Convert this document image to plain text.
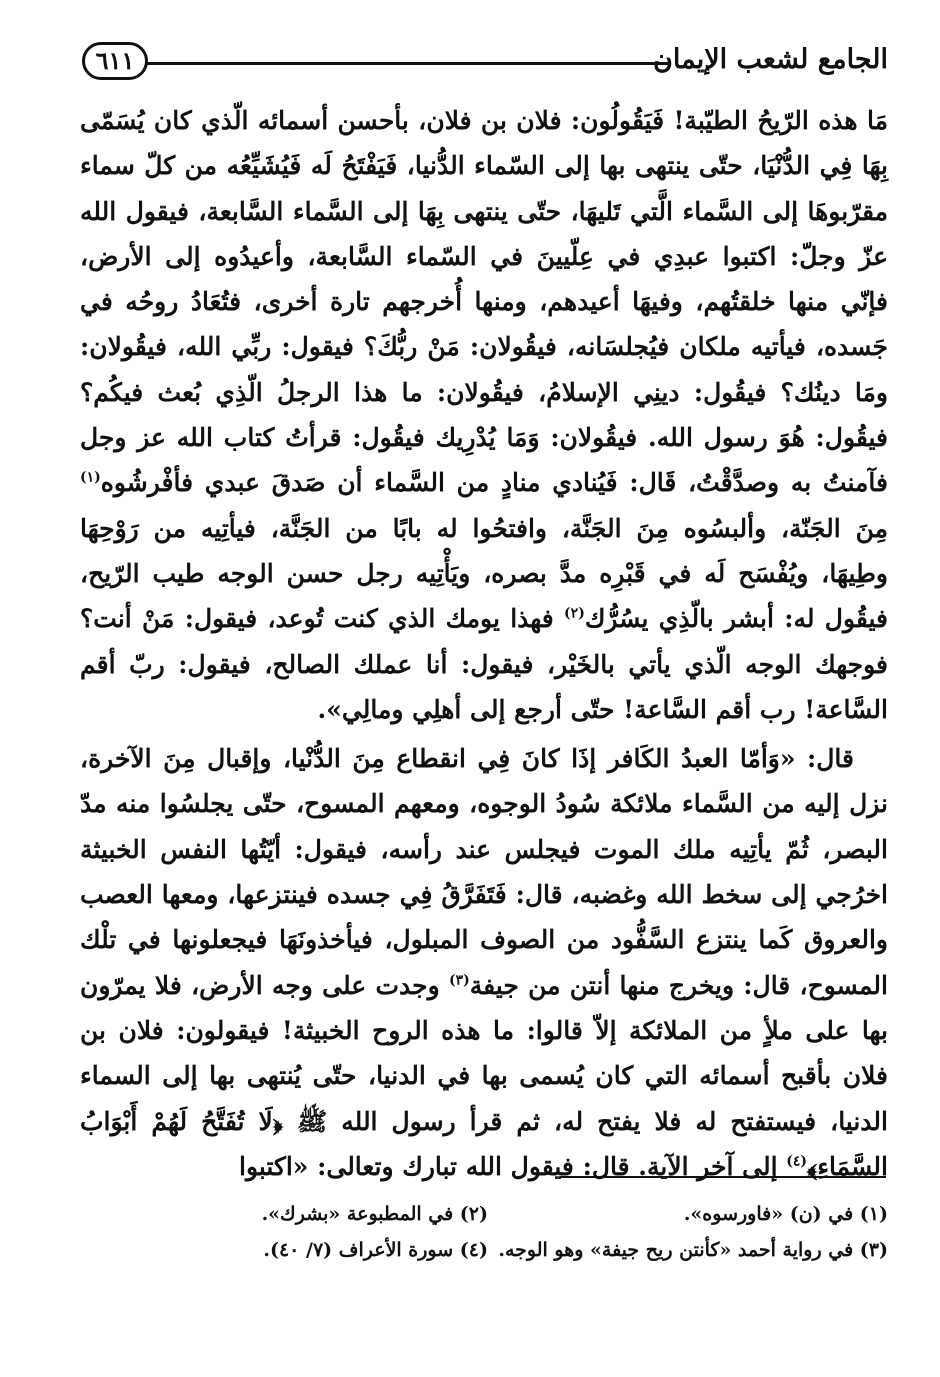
الجامع لشعب الإيمان
٦١١

مَا هذه الرّيحُ الطيّبة! فَيَقُولُون: فلان بن فلان، بأحسن أسمائه الّذي كان يُسَمّى بِهَا فِي الدُّنْيَا، حتّى ينتهى بها إلى السّماء الدُّنيا، فَيَفْتَحُ لَه فَيُشَيِّعُه من كلّ سماء مقرّبوهَا إلى السَّماء الَّتي تَليهَا، حتّى ينتهى بِهَا إلى السَّماء السَّابعة، فيقول الله عزّ وجلّ: اكتبوا عبدِي في عِلّيينَ في السّماء السَّابعة، وأعيدُوه إلى الأرض، فإنّي منها خلقتُهم، وفيهَا أعيدهم، ومنها أُخرجهم تارة أخرى، فتُعَادُ روحُه في جَسده، فيأتيه ملكان فيُجلسَانه، فيقُولان: مَنْ ربُّكَ؟ فيقول: ربِّي الله، فيقُولان: ومَا دينُك؟ فيقُول: دينِي الإسلامُ، فيقُولان: ما هذا الرجلُ الّذِي بُعث فيكُم؟ فيقُول: هُوَ رسول الله. فيقُولان: وَمَا يُدْرِيك فيقُول: قرأتُ كتاب الله عز وجل فآمنتُ به وصدَّقْتُ، قَال: فَيُنادي منادٍ من السَّماء أن صَدقَ عبدي فأفْرشُوه$^{(١)}$ مِنَ الجَنّة، وألبسُوه مِنَ الجَنَّة، وافتحُوا له بابًا من الجَنَّة، فيأتِيه من رَوْحِهَا وطِيهَا، ويُفْسَح لَه في قَبْرِه مدَّ بصره، ويَأْتِيه رجل حسن الوجه طيب الرّيح، فيقُول له: أبشر بالّذِي يسُرُّك$^{(٢)}$ فهذا يومك الذي كنت تُوعد، فيقول: مَنْ أنت؟ فوجهك الوجه الّذي يأتي بالخَيْر، فيقول: أنا عملك الصالح، فيقول: ربّ أقم السَّاعة! رب أقم السَّاعة! حتّى أرجع إلى أهلِي ومالِي».

قال: «وَأمّا العبدُ الكَافر إذَا كانَ فِي انقطاع مِنَ الدُّنْيا، وإقبال مِنَ الآخرة، نزل إليه من السَّماء ملائكة سُودُ الوجوه، ومعهم المسوح، حتّى يجلسُوا منه مدّ البصر، ثُمّ يأتِيه ملك الموت فيجلس عند رأسه، فيقول: أيّتُها النفس الخبيثة اخرُجي إلى سخط الله وغضبه، قال: فَتَفَرَّقُ فِي جسده فينتزعها، ومعها العصب والعروق كَما ينتزع السَّفُّود من الصوف المبلول، فيأخذونَهَا فيجعلونها في تلْك المسوح، قال: ويخرج منها أنتن من جيفة$^{(٣)}$ وجدت على وجه الأرض، فلا يمرّون بها على ملأٍ من الملائكة إلاّ قالوا: ما هذه الروح الخبيثة! فيقولون: فلان بن فلان بأقبح أسمائه التي كان يُسمى بها في الدنيا، حتّى يُنتهى بها إلى السماء الدنيا، فيستفتح له فلا يفتح له، ثم قرأ رسول الله ﷺ ﴿لَا تُفَتَّحُ لَهُمْ أَبْوَابُ السَّمَاءِ﴾$^{(٤)}$ إلى آخر الآية. قال: فيقول الله تبارك وتعالى: «اكتبوا

(١) في (ن) «فاورسوه».
(٢) في المطبوعة «بشرك».
(٣) في رواية أحمد «كأنتن ريح جيفة» وهو الوجه.
(٤) سورة الأعراف (٧/ ٤٠).
